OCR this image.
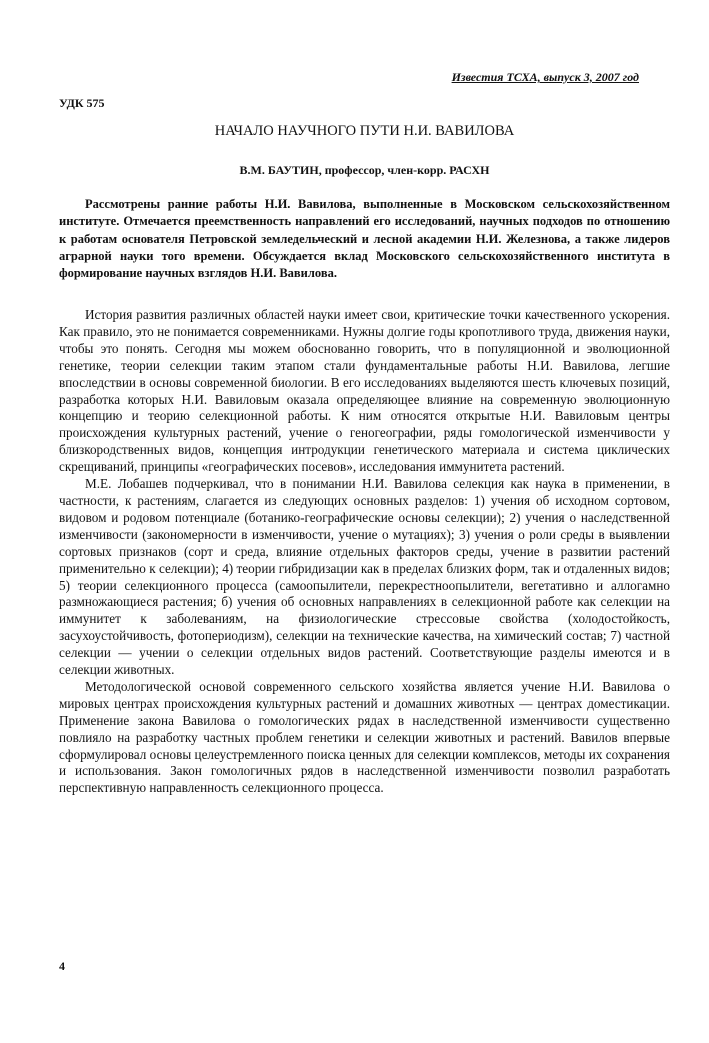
Известия ТСХА, выпуск 3, 2007 год
УДК 575
НАЧАЛО НАУЧНОГО ПУТИ Н.И. ВАВИЛОВА
В.М. БАУТИН, профессор, член-корр. РАСХН

Рассмотрены ранние работы Н.И. Вавилова, выполненные в Московском сельскохозяйственном институте. Отмечается преемственность направлений его исследований, научных подходов по отношению к работам основателя Петровской земледельческий и лесной академии Н.И. Железнова, а также лидеров аграрной науки того времени. Обсуждается вклад Московского сельскохозяйственного института в формирование научных взглядов Н.И. Вавилова.

История развития различных областей науки имеет свои, критические точки качественного ускорения. Как правило, это не понимается современниками. Нужны долгие годы кропотливого труда, движения науки, чтобы это понять. Сегодня мы можем обоснованно говорить, что в популяционной и эволюционной генетике, теории селекции таким этапом стали фундаментальные работы Н.И. Вавилова, легшие впоследствии в основы современной биологии. В его исследованиях выделяются шесть ключевых позиций, разработка которых Н.И. Вавиловым оказала определяющее влияние на современную эволюционную концепцию и теорию селекционной работы. К ним относятся открытые Н.И. Вавиловым центры происхождения культурных растений, учение о геногеографии, ряды гомологической изменчивости у близкородственных видов, концепция интродукции генетического материала и система циклических скрещиваний, принципы «географических посевов», исследования иммунитета растений.

М.Е. Лобашев подчеркивал, что в понимании Н.И. Вавилова селекция как наука в применении, в частности, к растениям, слагается из следующих основных разделов: 1) учения об исходном сортовом, видовом и родовом потенциале (ботанико-географические основы селекции); 2) учения о наследственной изменчивости (закономерности в изменчивости, учение о мутациях); 3) учения о роли среды в выявлении сортовых признаков (сорт и среда, влияние отдельных факторов среды, учение в развитии растений применительно к селекции); 4) теории гибридизации как в пределах близких форм, так и отдаленных видов; 5) теории селекционного процесса (самоопылители, перекрестноопылители, вегетативно и аллогамно размножающиеся растения; б) учения об основных направлениях в селекционной работе как селекции на иммунитет к заболеваниям, на физиологические стрессовые свойства (холодостойкость, засухоустойчивость, фотопериодизм), селекции на технические качества, на химический состав; 7) частной селекции — учении о селекции отдельных видов растений. Соответствующие разделы имеются и в селекции животных.

Методологической основой современного сельского хозяйства является учение Н.И. Вавилова о мировых центрах происхождения культурных растений и домашних животных — центрах доместикации. Применение закона Вавилова о гомологических рядах в наследственной изменчивости существенно повлияло на разработку частных проблем генетики и селекции животных и растений. Вавилов впервые сформулировал основы целеустремленного поиска ценных для селекции комплексов, методы их сохранения и использования. Закон гомологичных рядов в наследственной изменчивости позволил разработать перспективную направленность селекционного процесса.

4
